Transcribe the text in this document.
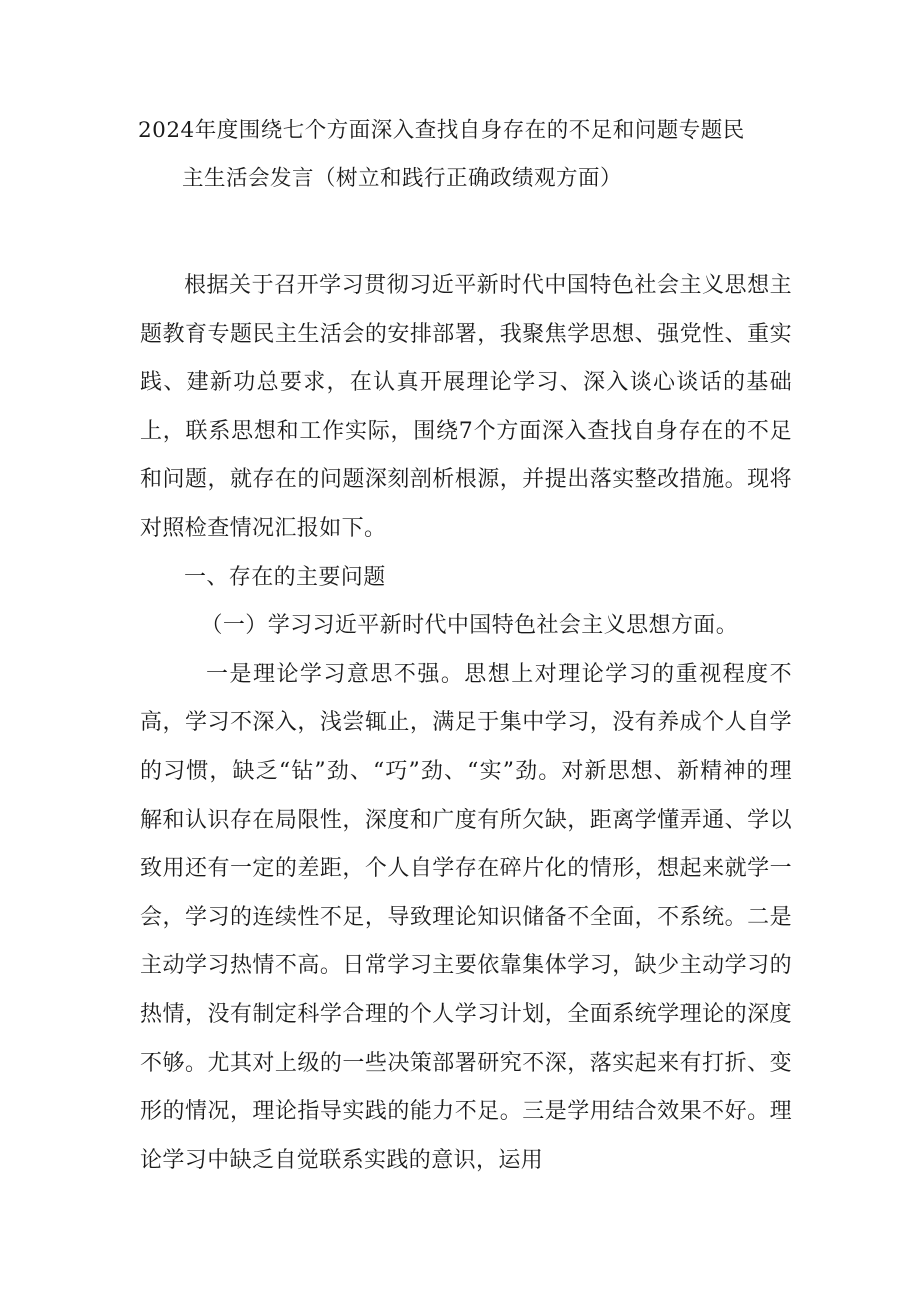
2024年度围绕七个方面深入查找自身存在的不足和问题专题民
主生活会发言（树立和践行正确政绩观方面）

根据关于召开学习贯彻习近平新时代中国特色社会主义思想主题教育专题民主生活会的安排部署，我聚焦学思想、强党性、重实践、建新功总要求，在认真开展理论学习、深入谈心谈话的基础上，联系思想和工作实际，围绕7个方面深入查找自身存在的不足和问题，就存在的问题深刻剖析根源，并提出落实整改措施。现将对照检查情况汇报如下。

一、存在的主要问题

（一）学习习近平新时代中国特色社会主义思想方面。

一是理论学习意思不强。思想上对理论学习的重视程度不高，学习不深入，浅尝辄止，满足于集中学习，没有养成个人自学的习惯，缺乏“钻”劲、“巧”劲、“实”劲。对新思想、新精神的理解和认识存在局限性，深度和广度有所欠缺，距离学懂弄通、学以致用还有一定的差距，个人自学存在碎片化的情形，想起来就学一会，学习的连续性不足，导致理论知识储备不全面，不系统。二是主动学习热情不高。日常学习主要依靠集体学习，缺少主动学习的热情，没有制定科学合理的个人学习计划，全面系统学理论的深度不够。尤其对上级的一些决策部署研究不深，落实起来有打折、变形的情况，理论指导实践的能力不足。三是学用结合效果不好。理论学习中缺乏自觉联系实践的意识，运用
